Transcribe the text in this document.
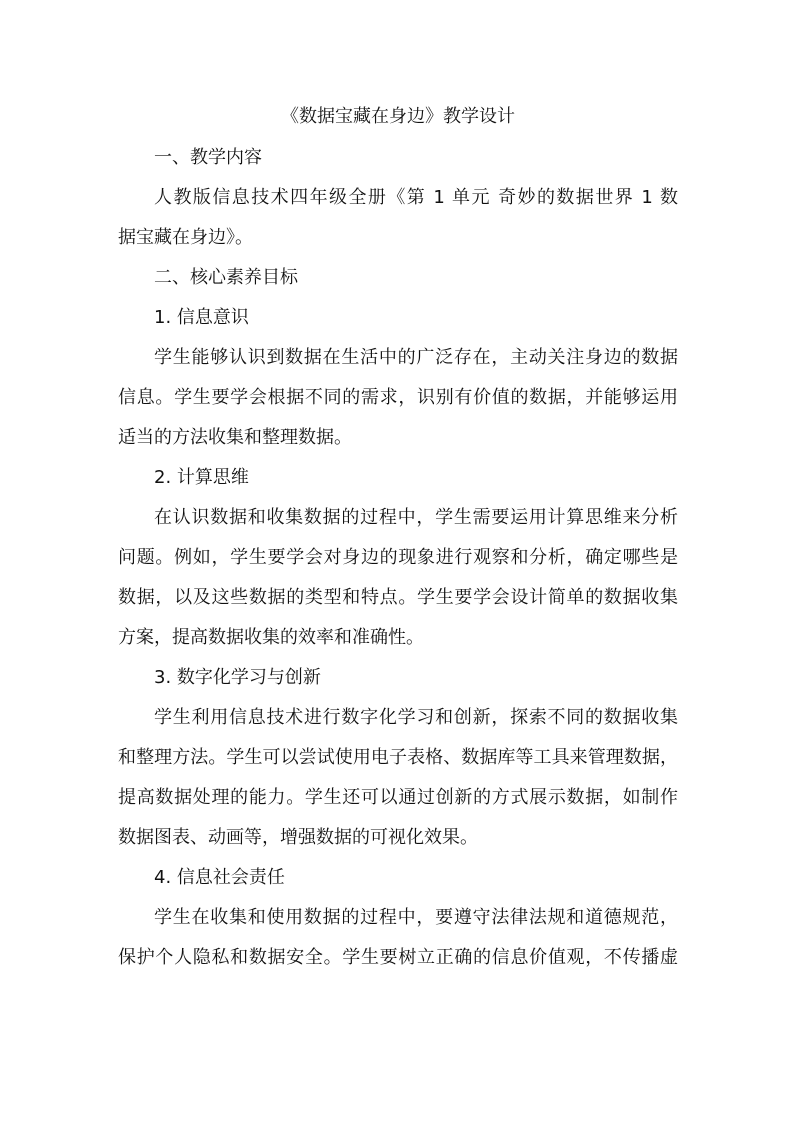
《数据宝藏在身边》教学设计
一、教学内容
人教版信息技术四年级全册《第 1 单元 奇妙的数据世界 1 数
据宝藏在身边》。
二、核心素养目标
1. 信息意识
学生能够认识到数据在生活中的广泛存在，主动关注身边的数据
信息。学生要学会根据不同的需求，识别有价值的数据，并能够运用
适当的方法收集和整理数据。
2. 计算思维
在认识数据和收集数据的过程中，学生需要运用计算思维来分析
问题。例如，学生要学会对身边的现象进行观察和分析，确定哪些是
数据，以及这些数据的类型和特点。学生要学会设计简单的数据收集
方案，提高数据收集的效率和准确性。
3. 数字化学习与创新
学生利用信息技术进行数字化学习和创新，探索不同的数据收集
和整理方法。学生可以尝试使用电子表格、数据库等工具来管理数据，
提高数据处理的能力。学生还可以通过创新的方式展示数据，如制作
数据图表、动画等，增强数据的可视化效果。
4. 信息社会责任
学生在收集和使用数据的过程中，要遵守法律法规和道德规范，
保护个人隐私和数据安全。学生要树立正确的信息价值观，不传播虚
